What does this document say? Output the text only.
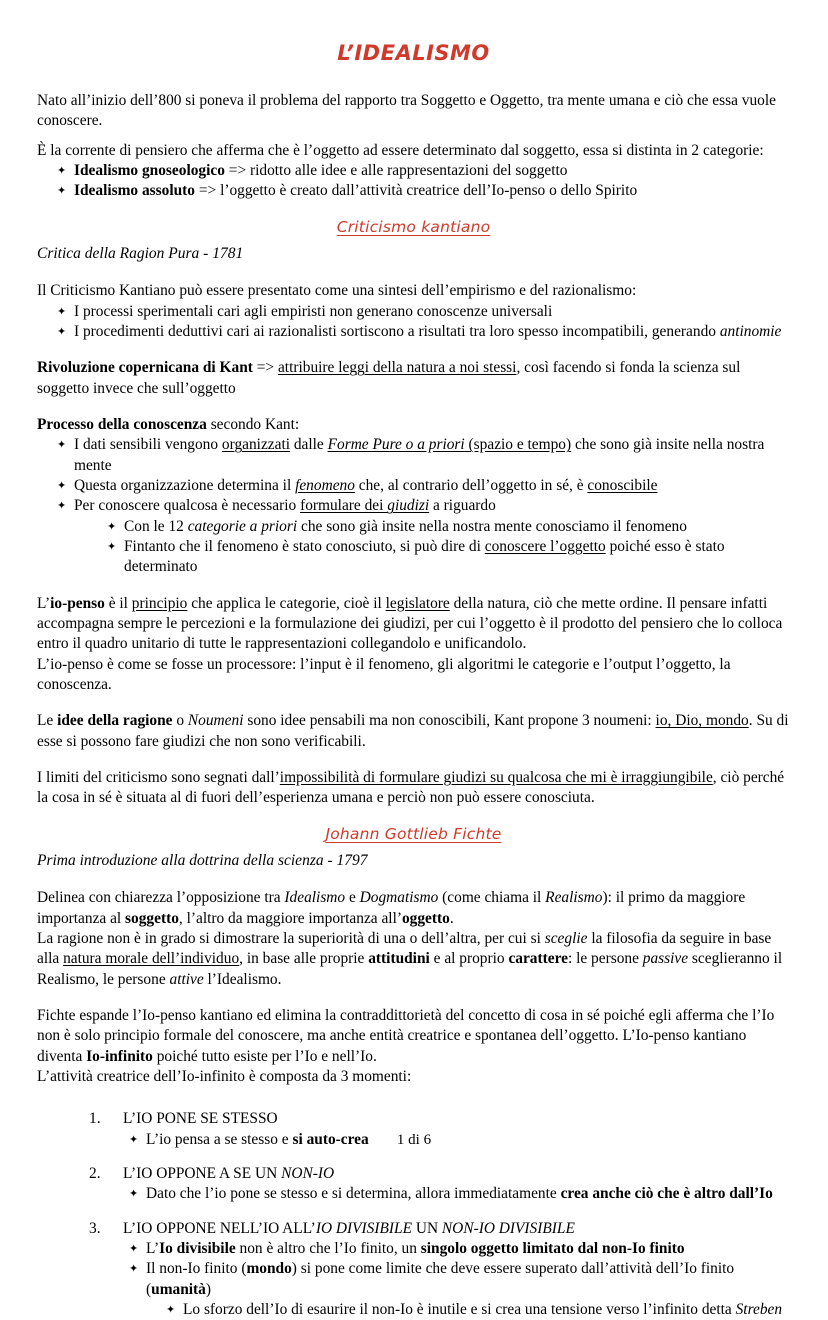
L’IDEALISMO

Nato all’inizio dell’800 si poneva il problema del rapporto tra Soggetto e Oggetto, tra mente umana e ciò che essa vuole conoscere.

È la corrente di pensiero che afferma che è l’oggetto ad essere determinato dal soggetto, essa si distinta in 2 categorie:

✦ Idealismo gnoseologico => ridotto alle idee e alle rappresentazioni del soggetto
✦ Idealismo assoluto => l’oggetto è creato dall’attività creatrice dell’Io-penso o dello Spirito
Criticismo kantiano
Critica della Ragion Pura - 1781

Il Criticismo Kantiano può essere presentato come una sintesi dell’empirismo e del razionalismo:

✦ I processi sperimentali cari agli empiristi non generano conoscenze universali
✦ I procedimenti deduttivi cari ai razionalisti sortiscono a risultati tra loro spesso incompatibili, generando antinomie

Rivoluzione copernicana di Kant => attribuire leggi della natura a noi stessi, così facendo si fonda la scienza sul soggetto invece che sull’oggetto

Processo della conoscenza secondo Kant:

✦ I dati sensibili vengono organizzati dalle Forme Pure o a priori (spazio e tempo) che sono già insite nella nostra mente
✦ Questa organizzazione determina il fenomeno che, al contrario dell’oggetto in sé, è conoscibile
✦ Per conoscere qualcosa è necessario formulare dei giudizi a riguardo
✦ Con le 12 categorie a priori che sono già insite nella nostra mente conosciamo il fenomeno
✦ Fintanto che il fenomeno è stato conosciuto, si può dire di conoscere l’oggetto poiché esso è stato determinato

L’io-penso è il principio che applica le categorie, cioè il legislatore della natura, ciò che mette ordine. Il pensare infatti accompagna sempre le percezioni e la formulazione dei giudizi, per cui l’oggetto è il prodotto del pensiero che lo colloca entro il quadro unitario di tutte le rappresentazioni collegandolo e unificandolo.

L’io-penso è come se fosse un processore: l’input è il fenomeno, gli algoritmi le categorie e l’output l’oggetto, la conoscenza.

Le idee della ragione o Noumeni sono idee pensabili ma non conoscibili, Kant propone 3 noumeni: io, Dio, mondo. Su di esse si possono fare giudizi che non sono verificabili.

I limiti del criticismo sono segnati dall’impossibilità di formulare giudizi su qualcosa che mi è irraggiungibile, ciò perché la cosa in sé è situata al di fuori dell’esperienza umana e perciò non può essere conosciuta.

Johann Gottlieb Fichte
Prima introduzione alla dottrina della scienza - 1797

Delinea con chiarezza l’opposizione tra Idealismo e Dogmatismo (come chiama il Realismo): il primo da maggiore importanza al soggetto, l’altro da maggiore importanza all’oggetto.

La ragione non è in grado si dimostrare la superiorità di una o dell’altra, per cui si sceglie la filosofia da seguire in base alla natura morale dell’individuo, in base alle proprie attitudini e al proprio carattere: le persone passive sceglieranno il Realismo, le persone attive l’Idealismo.

Fichte espande l’Io-penso kantiano ed elimina la contraddittorietà del concetto di cosa in sé poiché egli afferma che l’Io non è solo principio formale del conoscere, ma anche entità creatrice e spontanea dell’oggetto. L’Io-penso kantiano diventa Io-infinito poiché tutto esiste per l’Io e nell’Io.

L’attività creatrice dell’Io-infinito è composta da 3 momenti:

L’IO PONE SE STESSO
✦ L’io pensa a se stesso e si auto-crea
L’IO OPPONE A SE UN NON-IO
✦ Dato che l’io pone se stesso e si determina, allora immediatamente crea anche ciò che è altro dall’Io
L’IO OPPONE NELL’IO ALL’IO DIVISIBILE UN NON-IO DIVISIBILE
✦ L’Io divisibile non è altro che l’Io finito, un singolo oggetto limitato dal non-Io finito
✦ Il non-Io finito (mondo) si pone come limite che deve essere superato dall’attività dell’Io finito (umanità)
✦ Lo sforzo dell’Io di esaurire il non-Io è inutile e si crea una tensione verso l’infinito detta Streben
1 di 6
